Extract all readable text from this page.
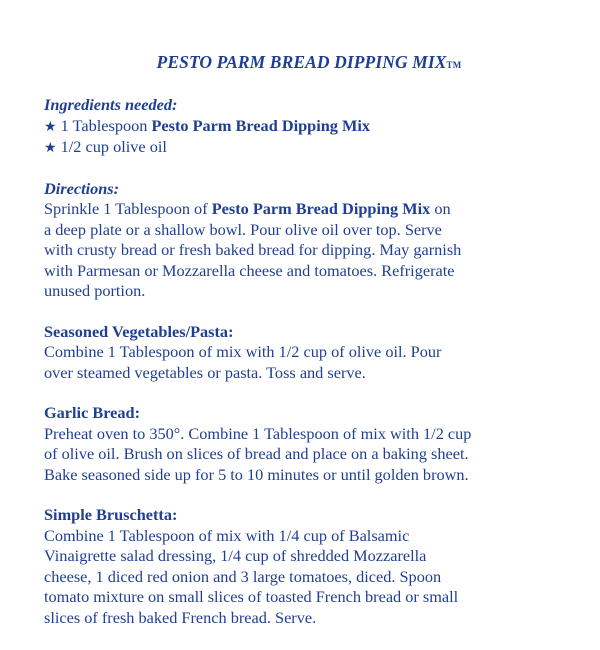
PESTO PARM BREAD DIPPING MIXTM
Ingredients needed:
★ 1 Tablespoon Pesto Parm Bread Dipping Mix
★ 1/2 cup olive oil
Directions:
Sprinkle 1 Tablespoon of Pesto Parm Bread Dipping Mix on
a deep plate or a shallow bowl. Pour olive oil over top. Serve
with crusty bread or fresh baked bread for dipping. May garnish
with Parmesan or Mozzarella cheese and tomatoes. Refrigerate
unused portion.
Seasoned Vegetables/Pasta:
Combine 1 Tablespoon of mix with 1/2 cup of olive oil. Pour
over steamed vegetables or pasta. Toss and serve.
Garlic Bread:
Preheat oven to 350°. Combine 1 Tablespoon of mix with 1/2 cup
of olive oil. Brush on slices of bread and place on a baking sheet.
Bake seasoned side up for 5 to 10 minutes or until golden brown.
Simple Bruschetta:
Combine 1 Tablespoon of mix with 1/4 cup of Balsamic
Vinaigrette salad dressing, 1/4 cup of shredded Mozzarella
cheese, 1 diced red onion and 3 large tomatoes, diced. Spoon
tomato mixture on small slices of toasted French bread or small
slices of fresh baked French bread. Serve.
